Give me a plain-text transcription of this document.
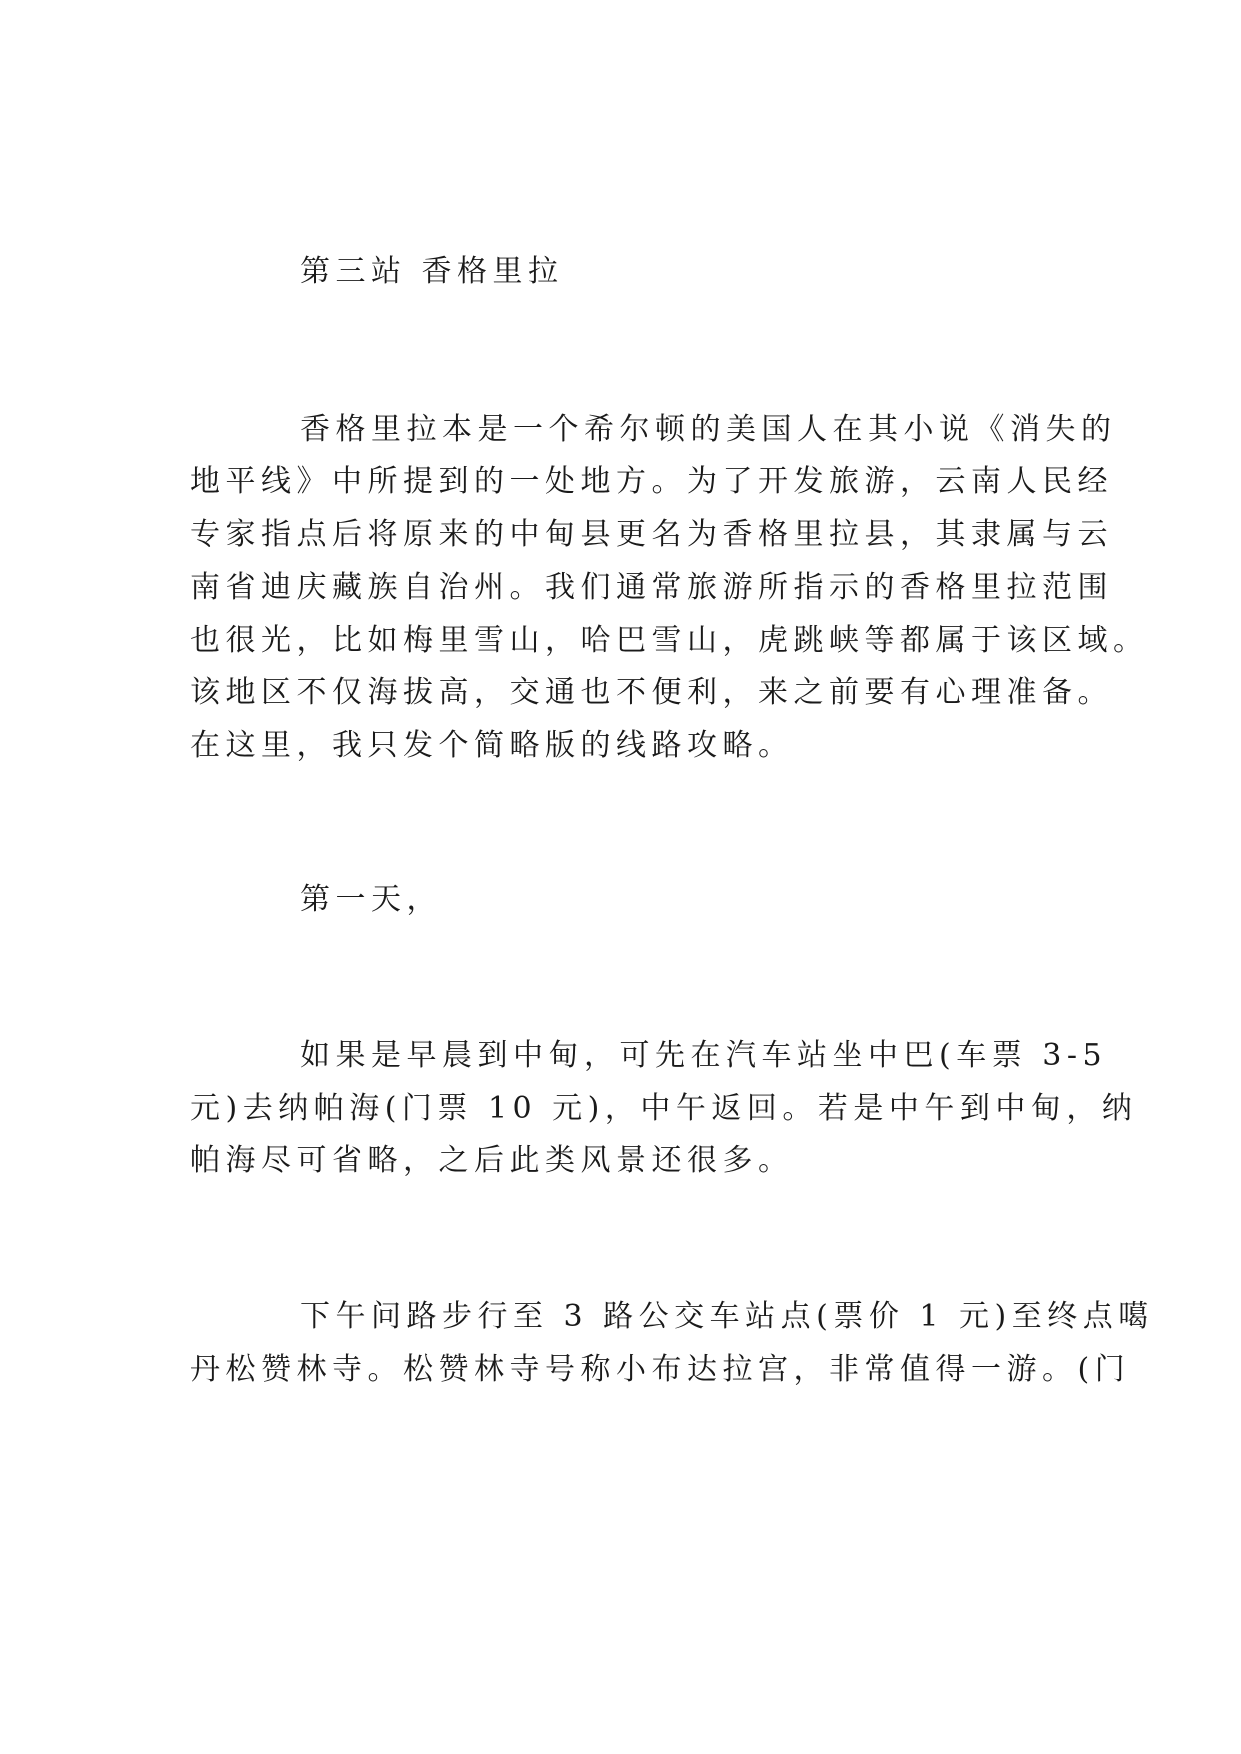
第三站 香格里拉
香格里拉本是一个希尔顿的美国人在其小说《消失的
地平线》中所提到的一处地方。为了开发旅游，云南人民经
专家指点后将原来的中甸县更名为香格里拉县，其隶属与云
南省迪庆藏族自治州。我们通常旅游所指示的香格里拉范围
也很光，比如梅里雪山，哈巴雪山，虎跳峡等都属于该区域。
该地区不仅海拔高，交通也不便利，来之前要有心理准备。
在这里，我只发个简略版的线路攻略。
第一天，
如果是早晨到中甸，可先在汽车站坐中巴(车票 3-5
元)去纳帕海(门票 10 元)，中午返回。若是中午到中甸，纳
帕海尽可省略，之后此类风景还很多。
下午问路步行至 3 路公交车站点(票价 1 元)至终点噶
丹松赞林寺。松赞林寺号称小布达拉宫，非常值得一游。(门
